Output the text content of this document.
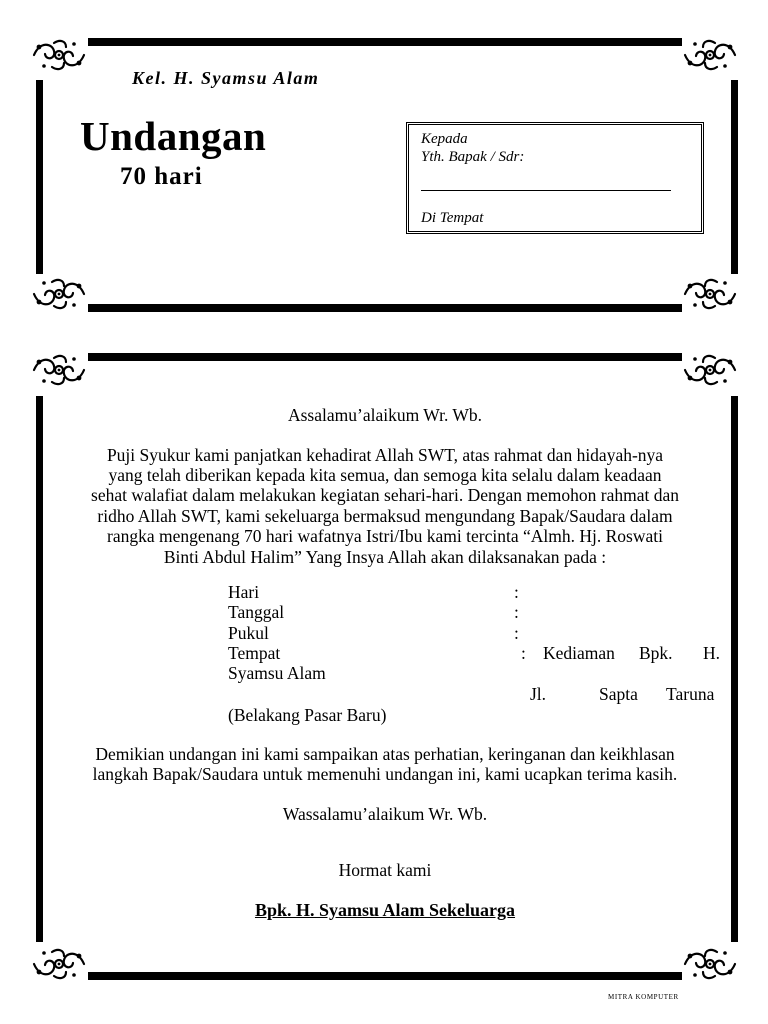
Kel. H. Syamsu Alam
Undangan
70 hari
Kepada
Yth. Bapak / Sdr:
Di Tempat
Assalamu’alaikum Wr. Wb.
Puji Syukur kami panjatkan kehadirat Allah SWT, atas rahmat dan hidayah-nya
yang telah diberikan kepada kita semua, dan semoga kita selalu dalam keadaan
sehat walafiat dalam melakukan kegiatan sehari-hari. Dengan memohon rahmat dan
ridho Allah SWT, kami sekeluarga bermaksud mengundang Bapak/Saudara dalam
rangka mengenang 70 hari wafatnya Istri/Ibu kami tercinta “Almh. Hj. Roswati
Binti Abdul Halim” Yang Insya Allah akan dilaksanakan pada :
Hari	:
Tanggal	:
Pukul	:
Tempat	: Kediaman Bpk. H.
Syamsu Alam
Jl.	Sapta Taruna
(Belakang Pasar Baru)
Demikian undangan ini kami sampaikan atas perhatian, keringanan dan keikhlasan
langkah Bapak/Saudara untuk memenuhi undangan ini, kami ucapkan terima kasih.
Wassalamu’alaikum Wr. Wb.
Hormat kami
Bpk. H. Syamsu Alam Sekeluarga
MITRA KOMPUTER
